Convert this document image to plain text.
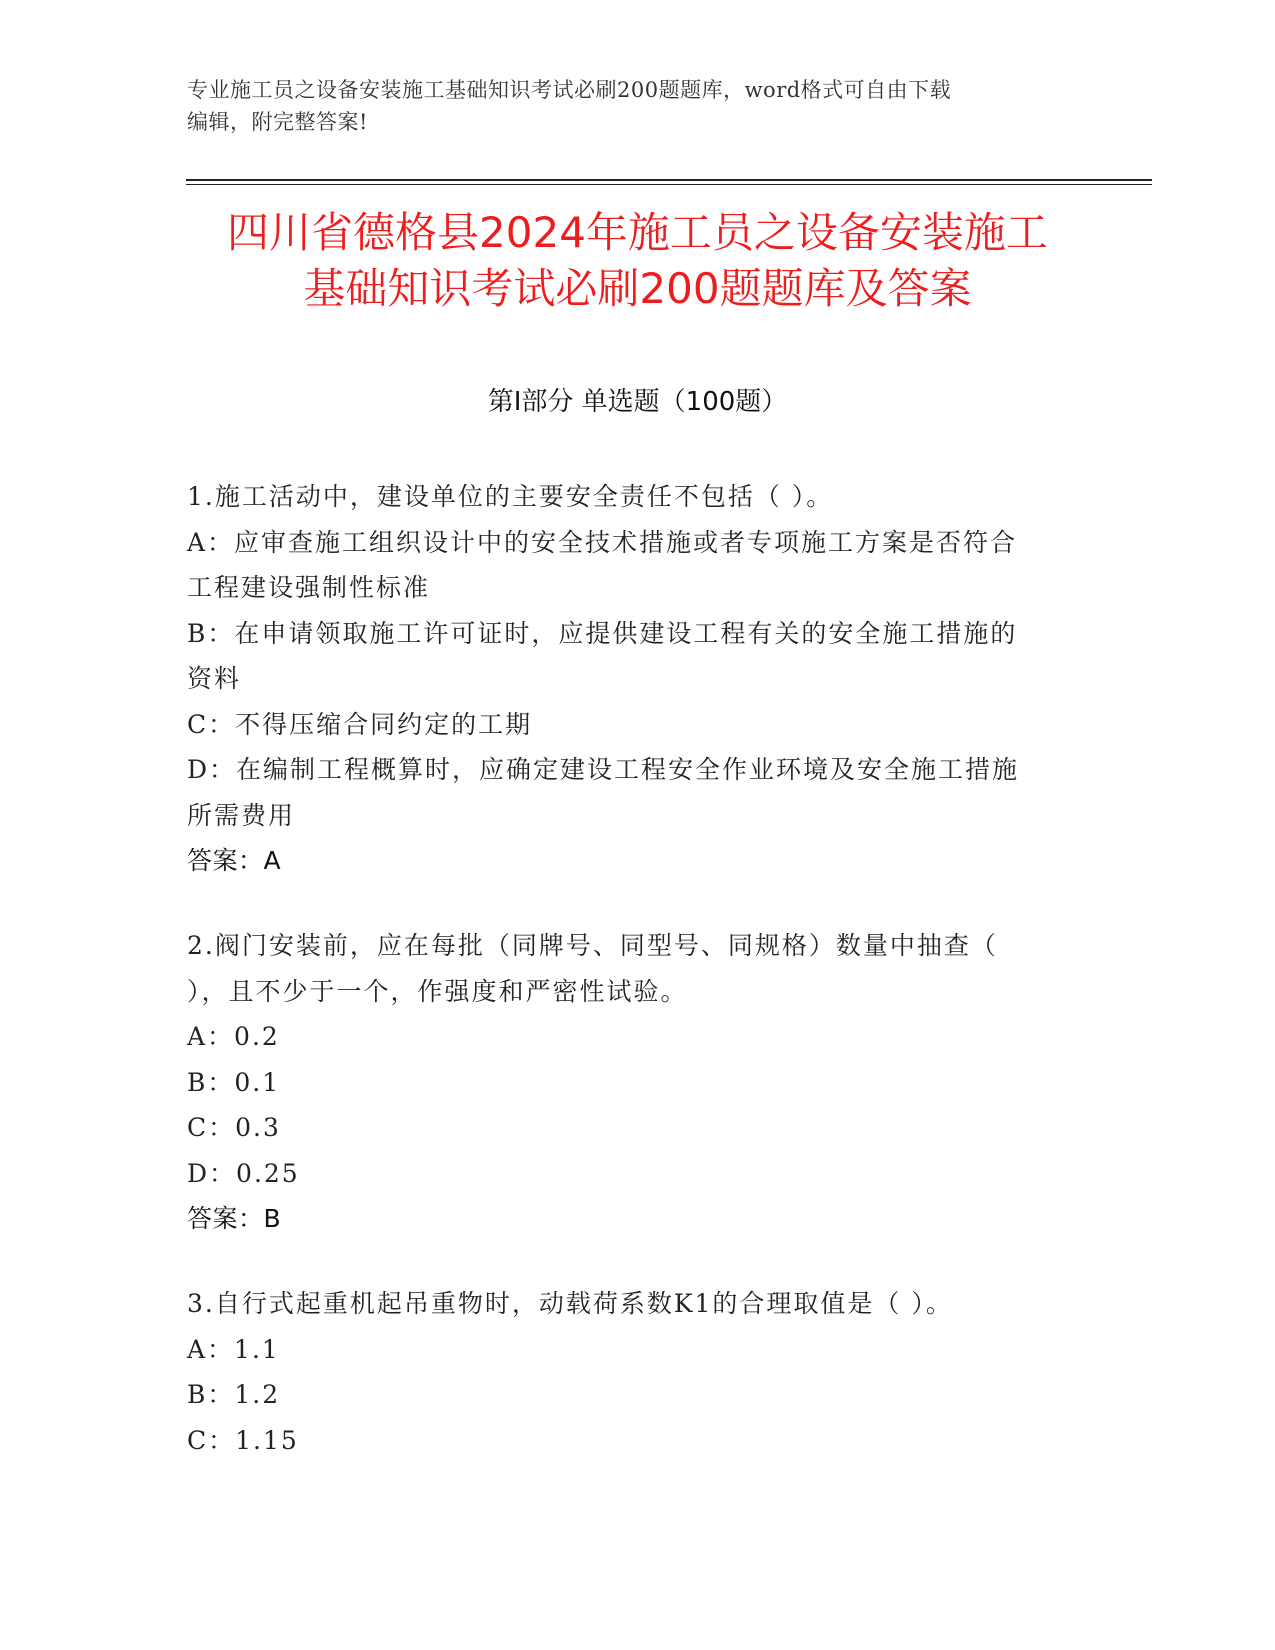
专业施工员之设备安装施工基础知识考试必刷200题题库，word格式可自由下载
编辑，附完整答案!
四川省德格县2024年施工员之设备安装施工
基础知识考试必刷200题题库及答案
第Ⅰ部分 单选题（100题）
1.施工活动中，建设单位的主要安全责任不包括（ ）。
A：应审查施工组织设计中的安全技术措施或者专项施工方案是否符合
工程建设强制性标准
B：在申请领取施工许可证时，应提供建设工程有关的安全施工措施的
资料
C：不得压缩合同约定的工期
D：在编制工程概算时，应确定建设工程安全作业环境及安全施工措施
所需费用
答案：A
2.阀门安装前，应在每批（同牌号、同型号、同规格）数量中抽查（
），且不少于一个，作强度和严密性试验。
A：0.2
B：0.1
C：0.3
D：0.25
答案：B
3.自行式起重机起吊重物时，动载荷系数K1的合理取值是（ ）。
A：1.1
B：1.2
C：1.15
